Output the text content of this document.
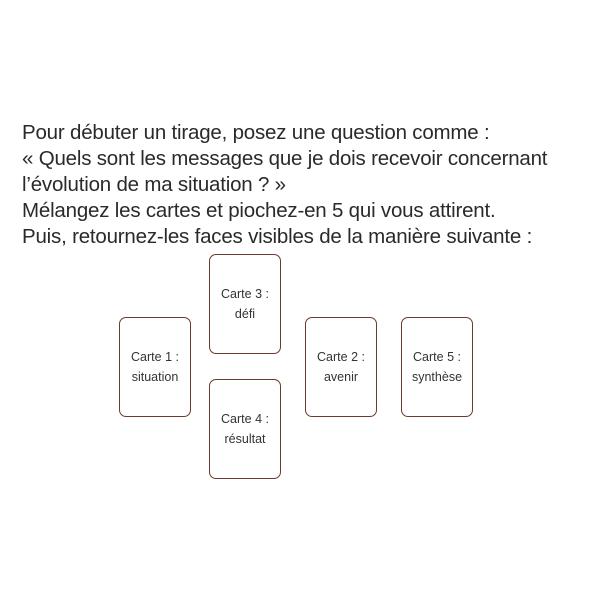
Pour débuter un tirage, posez une question comme :
« Quels sont les messages que je dois recevoir concernant
l’évolution de ma situation ? »
Mélangez les cartes et piochez-en 5 qui vous attirent.
Puis, retournez-les faces visibles de la manière suivante :
Carte 1 :
situation
Carte 3 :
défi
Carte 4 :
résultat
Carte 2 :
avenir
Carte 5 :
synthèse
